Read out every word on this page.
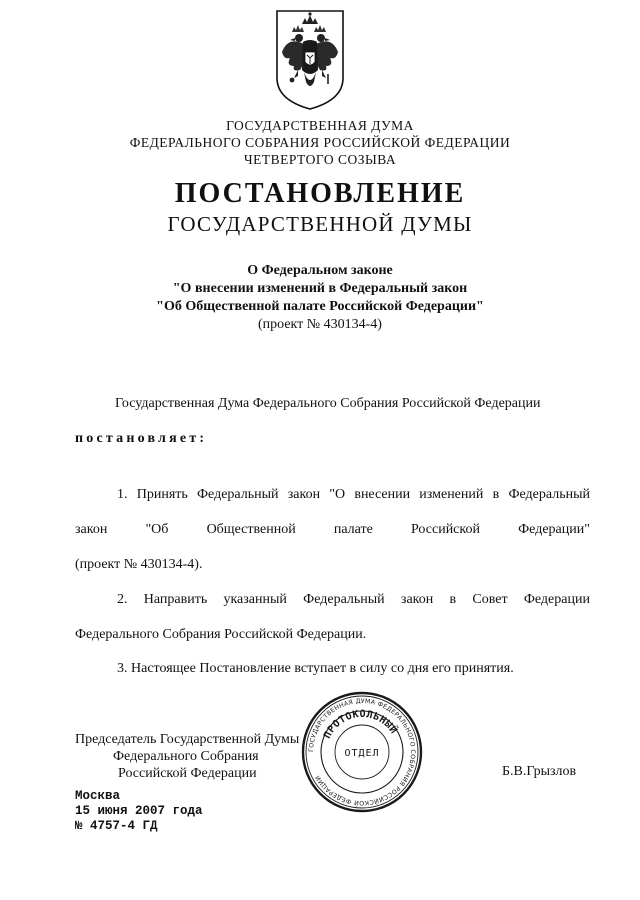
ГОСУДАРСТВЕННАЯ ДУМА
ФЕДЕРАЛЬНОГО СОБРАНИЯ РОССИЙСКОЙ ФЕДЕРАЦИИ
ЧЕТВЕРТОГО СОЗЫВА
ПОСТАНОВЛЕНИЕ
ГОСУДАРСТВЕННОЙ ДУМЫ
О Федеральном законе
"О внесении изменений в Федеральный закон
"Об Общественной палате Российской Федерации"
(проект № 430134-4)
Государственная Дума Федерального Собрания Российской Федерации
постановляет:
1. Принять Федеральный закон "О внесении изменений в Федеральный
закон	"Об	Общественной	палате	Российской	Федерации"
(проект № 430134-4).
2. Направить указанный Федеральный закон в Совет Федерации
Федерального Собрания Российской Федерации.
3. Настоящее Постановление вступает в силу со дня его принятия.
Председатель Государственной Думы
Федерального Собрания
Российской Федерации
ГОСУДАРСТВЕННАЯ ДУМА ФЕДЕРАЛЬНОГО СОБРАНИЯ РОССИЙСКОЙ ФЕДЕРАЦИИ
ПРОТОКОЛЬНЫЙ
ОТДЕЛ
Б.В.Грызлов
Москва
15 июня 2007 года
№ 4757-4 ГД
